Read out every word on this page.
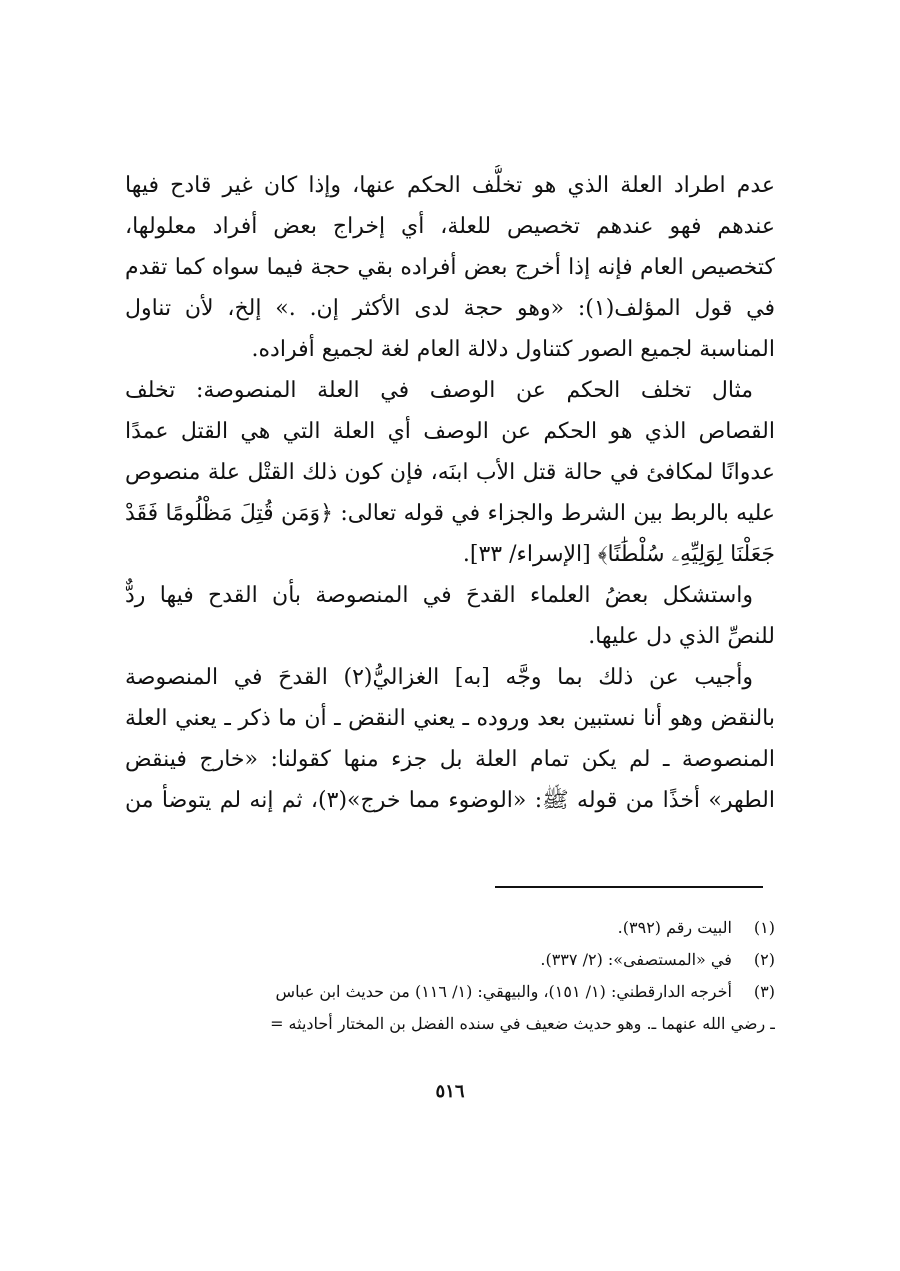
عدم اطراد العلة الذي هو تخلُّف الحكم عنها، وإذا كان غير قادح فيها
عندهم فهو عندهم تخصيص للعلة، أي إخراج بعض أفراد معلولها،
كتخصيص العام فإنه إذا أخرج بعض أفراده بقي حجة فيما سواه كما تقدم
في قول المؤلف(١): «وهو حجة لدى الأكثر إن. .» إلخ، لأن تناول
المناسبة لجميع الصور كتناول دلالة العام لغة لجميع أفراده.
مثال تخلف الحكم عن الوصف في العلة المنصوصة: تخلف
القصاص الذي هو الحكم عن الوصف أي العلة التي هي القتل عمدًا
عدوانًا لمكافئ في حالة قتل الأب ابنَه، فإن كون ذلك القتْل علة منصوص
عليه بالربط بين الشرط والجزاء في قوله تعالى: ﴿وَمَن قُتِلَ مَظْلُومًا فَقَدْ
جَعَلْنَا لِوَلِيِّهِۦ سُلْطَٰنًا﴾ [الإسراء/ ٣٣].
واستشكل بعضُ العلماء القدحَ في المنصوصة بأن القدح فيها ردٌّ
للنصِّ الذي دل عليها.
وأجيب عن ذلك بما وجَّه [به] الغزاليُّ(٢) القدحَ في المنصوصة
بالنقض وهو أنا نستبين بعد وروده ـ يعني النقض ـ أن ما ذكر ـ يعني العلة
المنصوصة ـ لم يكن تمام العلة بل جزء منها كقولنا: «خارج فينقض
الطهر» أخذًا من قوله ﷺ: «الوضوء مما خرج»(٣)، ثم إنه لم يتوضأ من
(١) البيت رقم (٣٩٢).
(٢) في «المستصفى»: (٢/ ٣٣٧).
(٣) أخرجه الدارقطني: (١/ ١٥١)، والبيهقي: (١/ ١١٦) من حديث ابن عباس
ـ رضي الله عنهما ـ. وهو حديث ضعيف في سنده الفضل بن المختار أحاديثه =
٥١٦
